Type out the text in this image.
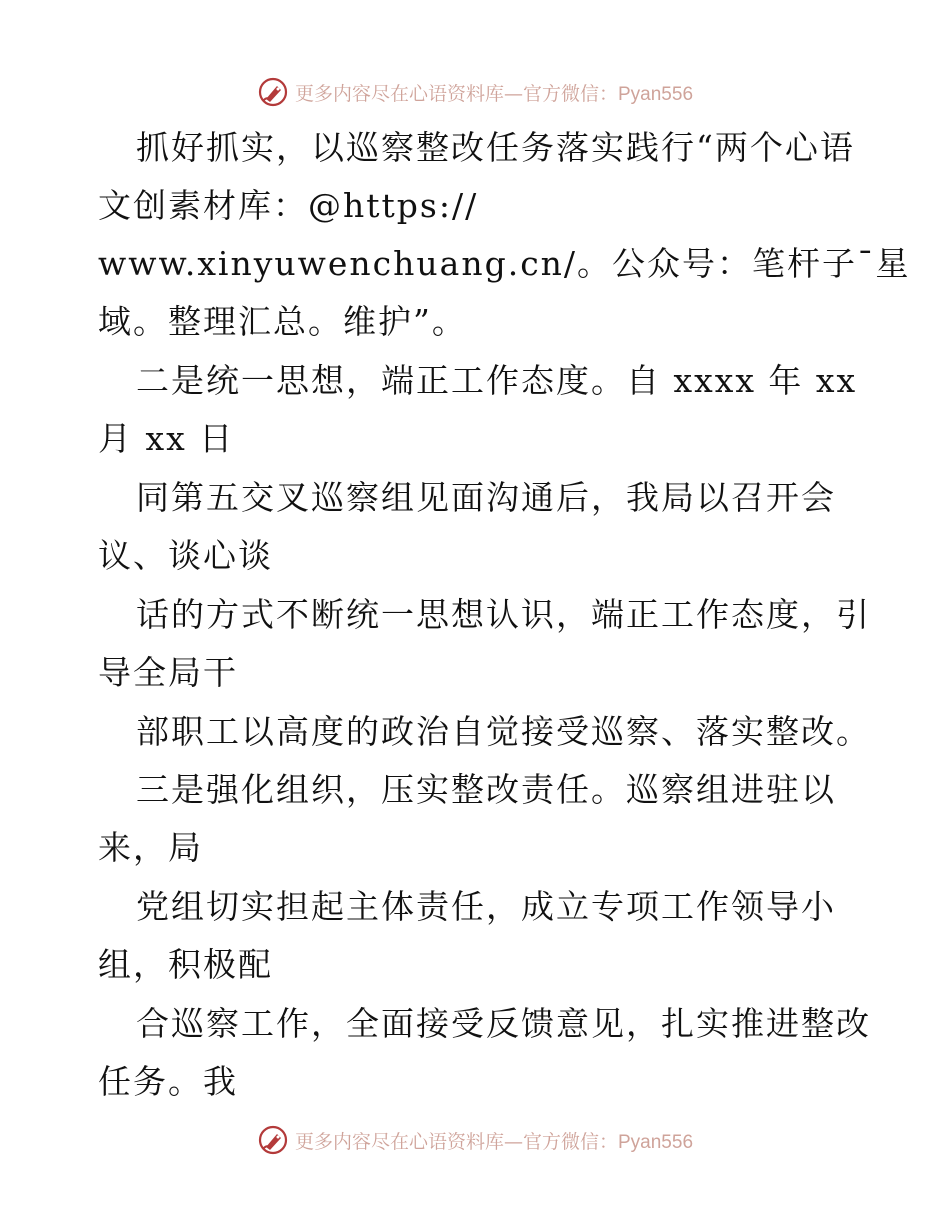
更多内容尽在心语资料库—官方微信：Pyan556
抓好抓实，以巡察整改任务落实践行“两个心语
文创素材库：@https://
www.xinyuwenchuang.cn/。公众号：笔杆子¯星
域。整理汇总。维护”。
二是统一思想，端正工作态度。自 xxxx 年 xx
月 xx 日
同第五交叉巡察组见面沟通后，我局以召开会
议、谈心谈
话的方式不断统一思想认识，端正工作态度，引
导全局干
部职工以高度的政治自觉接受巡察、落实整改。
三是强化组织，压实整改责任。巡察组进驻以
来，局
党组切实担起主体责任，成立专项工作领导小
组，积极配
合巡察工作，全面接受反馈意见，扎实推进整改
任务。我
更多内容尽在心语资料库—官方微信：Pyan556
